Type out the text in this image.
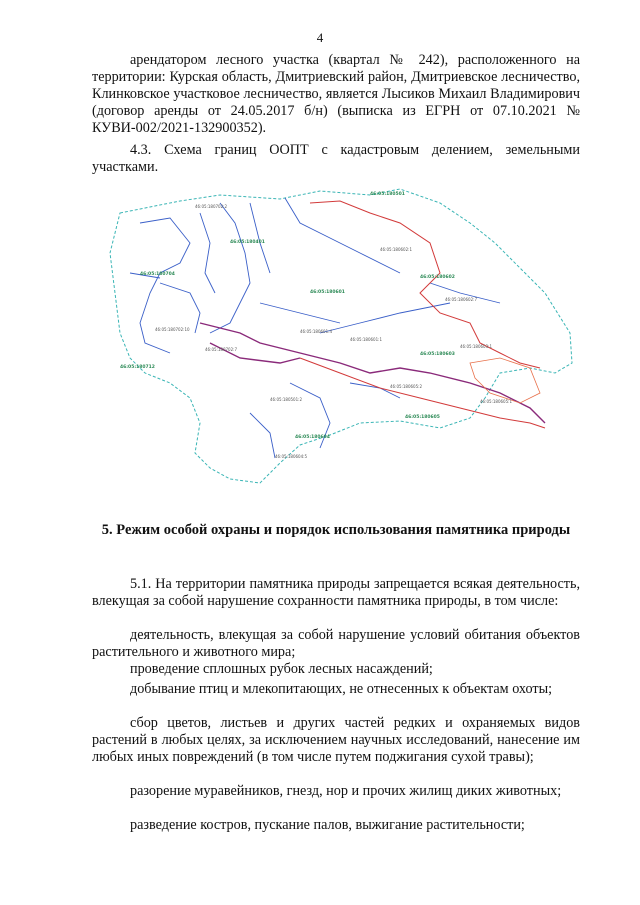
4

арендатором лесного участка (квартал № 242), расположенного на территории: Курская область, Дмитриевский район, Дмитриевское лесничество, Клинковское участковое лесничество, является Лысиков Михаил Владимирович (договор аренды от 24.05.2017 б/н) (выписка из ЕГРН от 07.10.2021 № КУВИ-002/2021-132900352).

4.3. Схема границ ООПТ с кадастровым делением, земельными участками.

46:05:180704
46:05:180712
46:05:180601
46:05:180602
46:05:180603
46:05:180604
46:05:180605
46:05:180501
46:05:180401
46:05:180702:2
46:05:180702:10	46:05:180601:4
46:05:180702:7
46:05:180501:2
46:05:180602:1
46:05:180602:7
46:05:180601:1
46:05:180605:2
46:05:180603:1
46:05:180604:5
46:05:180605:1
5. Режим особой охраны и порядок использования памятника природы

5.1. На территории памятника природы запрещается всякая деятельность, влекущая за собой нарушение сохранности памятника природы, в том числе:

деятельность, влекущая за собой нарушение условий обитания объектов растительного и животного мира;

проведение сплошных рубок лесных насаждений;

добывание птиц и млекопитающих, не отнесенных к объектам охоты;

сбор цветов, листьев и других частей редких и охраняемых видов растений в любых целях, за исключением научных исследований, нанесение им любых иных повреждений (в том числе путем поджигания сухой травы);

разорение муравейников, гнезд, нор и прочих жилищ диких животных;

разведение костров, пускание палов, выжигание растительности;
